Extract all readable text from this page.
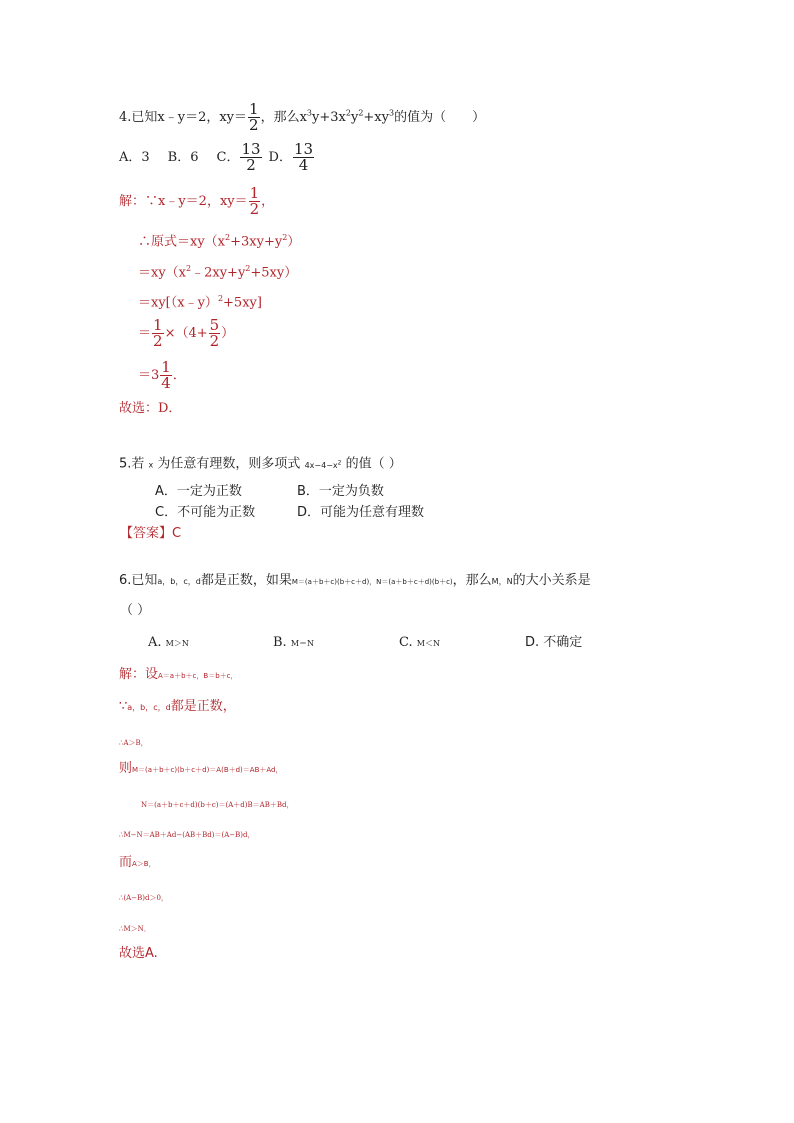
4.已知x﹣y＝2，$xy= \frac{1}{2}$ ，那么$x^3y+3x^2y^2+xy^3$的值为（　　）
A．3 B．6 C． $\frac{13}{2}$ D． $\frac{13}{4}$
解：∵x﹣y＝2，$xy= \frac{1}{2}$ ，
∴原式$=xy(x^2+3xy+y^2)$
$=xy(x^2﹣2xy+y^2+5xy)$
＝xy[（x﹣y）$^2$+5xy]
＝ $\frac{1}{2} \times(4+ \frac{5}{2}$ ）
$=3 \frac{1}{4}$ ．
故选：D．
5.若 x 为任意有理数，则多项式 $4x-4-x^2$ 的值（ ）
A．一定为正数	B．一定为负数
C．不可能为正数	D．可能为任意有理数
【答案】C
6.已知a，b，c，d都是正数，如果M＝(a＋b＋c)(b＋c＋d)，N＝(a＋b＋c＋d)(b＋c)，那么M，N的大小关系是
（ ）
A. M＞N	B. M＝N	C. M＜N	D. 不确定
解：设A＝a＋b＋c，B＝b＋c，
∵a，b，c，d都是正数，
∴A＞B，
则M＝(a＋b＋c)(b＋c＋d)＝A(B＋d)＝AB＋Ad，
N＝(a＋b＋c＋d)(b＋c)＝(A＋d)B＝AB＋Bd，
∴M−N＝AB＋Ad−(AB＋Bd)＝(A−B)d，
而A＞B，
∴(A−B)d＞0，
∴M＞N．
故选A.
